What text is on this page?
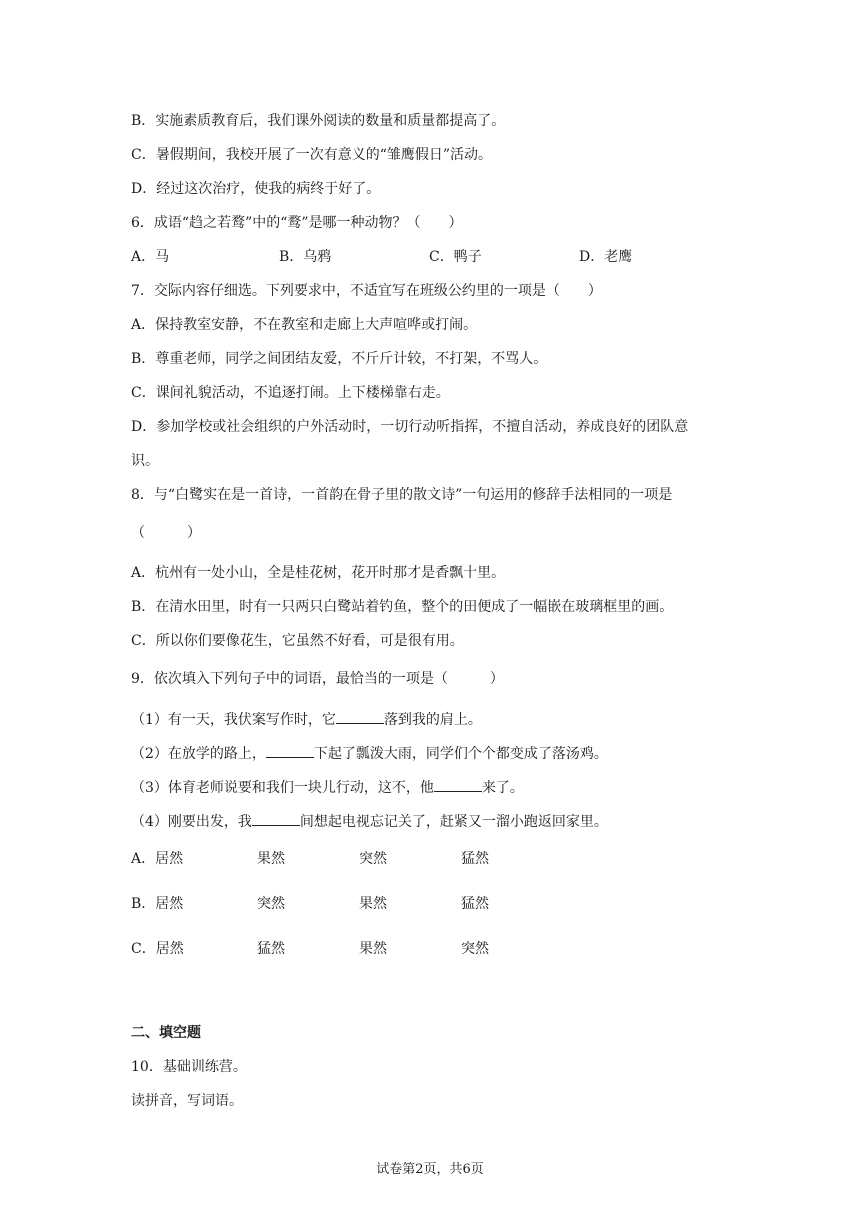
B．实施素质教育后，我们课外阅读的数量和质量都提高了。
C．暑假期间，我校开展了一次有意义的“雏鹰假日”活动。
D．经过这次治疗，使我的病终于好了。
6．成语“趋之若鹜”中的“鹜”是哪一种动物？（　　）
A．马	B．乌鸦	C．鸭子	D．老鹰
7．交际内容仔细选。下列要求中，不适宜写在班级公约里的一项是（　　）
A．保持教室安静，不在教室和走廊上大声喧哗或打闹。
B．尊重老师，同学之间团结友爱，不斤斤计较，不打架，不骂人。
C．课间礼貌活动，不追逐打闹。上下楼梯靠右走。
D．参加学校或社会组织的户外活动时，一切行动听指挥，不擅自活动，养成良好的团队意
识。
8．与“白鹭实在是一首诗，一首韵在骨子里的散文诗”一句运用的修辞手法相同的一项是
（　　　）
A．杭州有一处小山，全是桂花树，花开时那才是香飘十里。
B．在清水田里，时有一只两只白鹭站着钓鱼，整个的田便成了一幅嵌在玻璃框里的画。
C．所以你们要像花生，它虽然不好看，可是很有用。
9．依次填入下列句子中的词语，最恰当的一项是（　　　）
（1）有一天，我伏案写作时，它	落到我的肩上。
（2）在放学的路上，	下起了瓢泼大雨，同学们个个都变成了落汤鸡。
（3）体育老师说要和我们一块儿行动，这不，他	来了。
（4）刚要出发，我	间想起电视忘记关了，赶紧又一溜小跑返回家里。
A．居然	果然	突然	猛然
B．居然	突然	果然	猛然
C．居然	猛然	果然	突然
二、填空题
10．基础训练营。
读拼音，写词语。
试卷第2页，共6页
